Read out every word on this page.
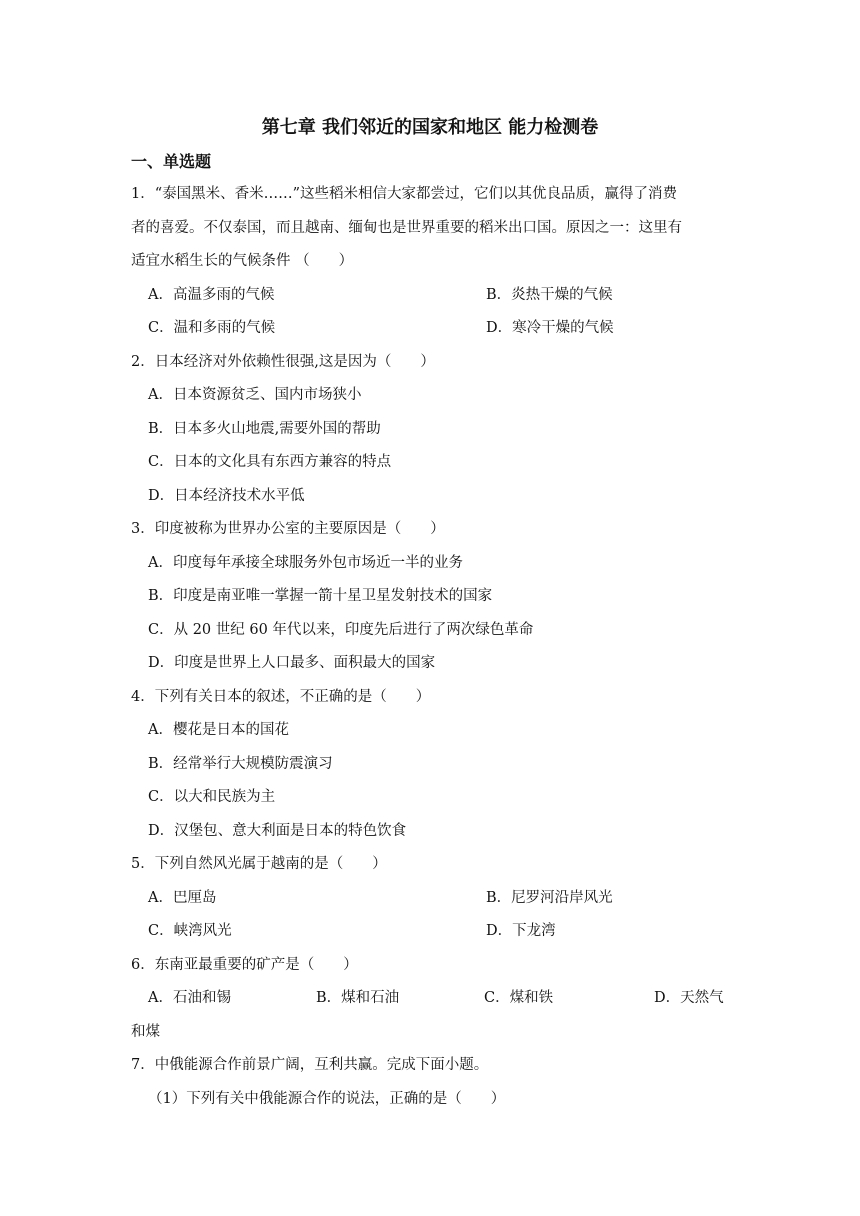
第七章 我们邻近的国家和地区 能力检测卷
一、单选题

1．“泰国黑米、香米……”这些稻米相信大家都尝过，它们以其优良品质，赢得了消费

者的喜爱。不仅泰国，而且越南、缅甸也是世界重要的稻米出口国。原因之一：这里有

适宜水稻生长的气候条件 （　　）

A．高温多雨的气候	B．炎热干燥的气候
C．温和多雨的气候	D．寒冷干燥的气候

2．日本经济对外依赖性很强,这是因为（　　）

A．日本资源贫乏、国内市场狭小

B．日本多火山地震,需要外国的帮助

C．日本的文化具有东西方兼容的特点

D．日本经济技术水平低

3．印度被称为世界办公室的主要原因是（　　）

A．印度每年承接全球服务外包市场近一半的业务

B．印度是南亚唯一掌握一箭十星卫星发射技术的国家

C．从 20 世纪 60 年代以来，印度先后进行了两次绿色革命

D．印度是世界上人口最多、面积最大的国家

4．下列有关日本的叙述，不正确的是（　　）

A．樱花是日本的国花

B．经常举行大规模防震演习

C．以大和民族为主

D．汉堡包、意大利面是日本的特色饮食

5．下列自然风光属于越南的是（　　）

A．巴厘岛	B．尼罗河沿岸风光
C．峡湾风光	D．下龙湾

6．东南亚最重要的矿产是（　　）

A．石油和锡	B．煤和石油	C．煤和铁	D．天然气

和煤

7．中俄能源合作前景广阔，互利共赢。完成下面小题。

（1）下列有关中俄能源合作的说法，正确的是（　　）
